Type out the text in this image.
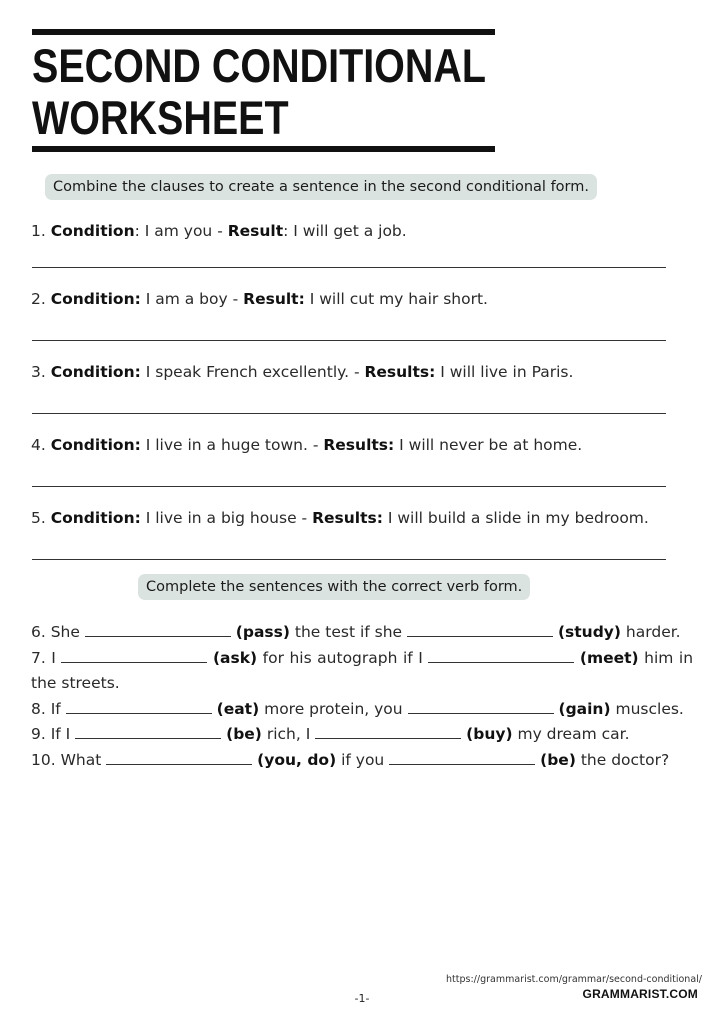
SECOND CONDITIONAL
WORKSHEET
Combine the clauses to create a sentence in the second conditional form.
1. Condition: I am you - Result: I will get a job.
2. Condition: I am a boy - Result: I will cut my hair short.
3. Condition: I speak French excellently. - Results: I will live in Paris.
4. Condition: I live in a huge town. - Results: I will never be at home.
5. Condition: I live in a big house - Results: I will build a slide in my bedroom.
Complete the sentences with the correct verb form.

6. She	(pass) the test if she	(study) harder.

7. I	(ask) for his autograph if I	(meet) him in the streets.

8. If	(eat) more protein, you	(gain) muscles.

9. If I	(be) rich, I	(buy) my dream car.

10. What	(you, do) if you	(be) the doctor?

https://grammarist.com/grammar/second-conditional/
GRAMMARIST.COM
-1-
